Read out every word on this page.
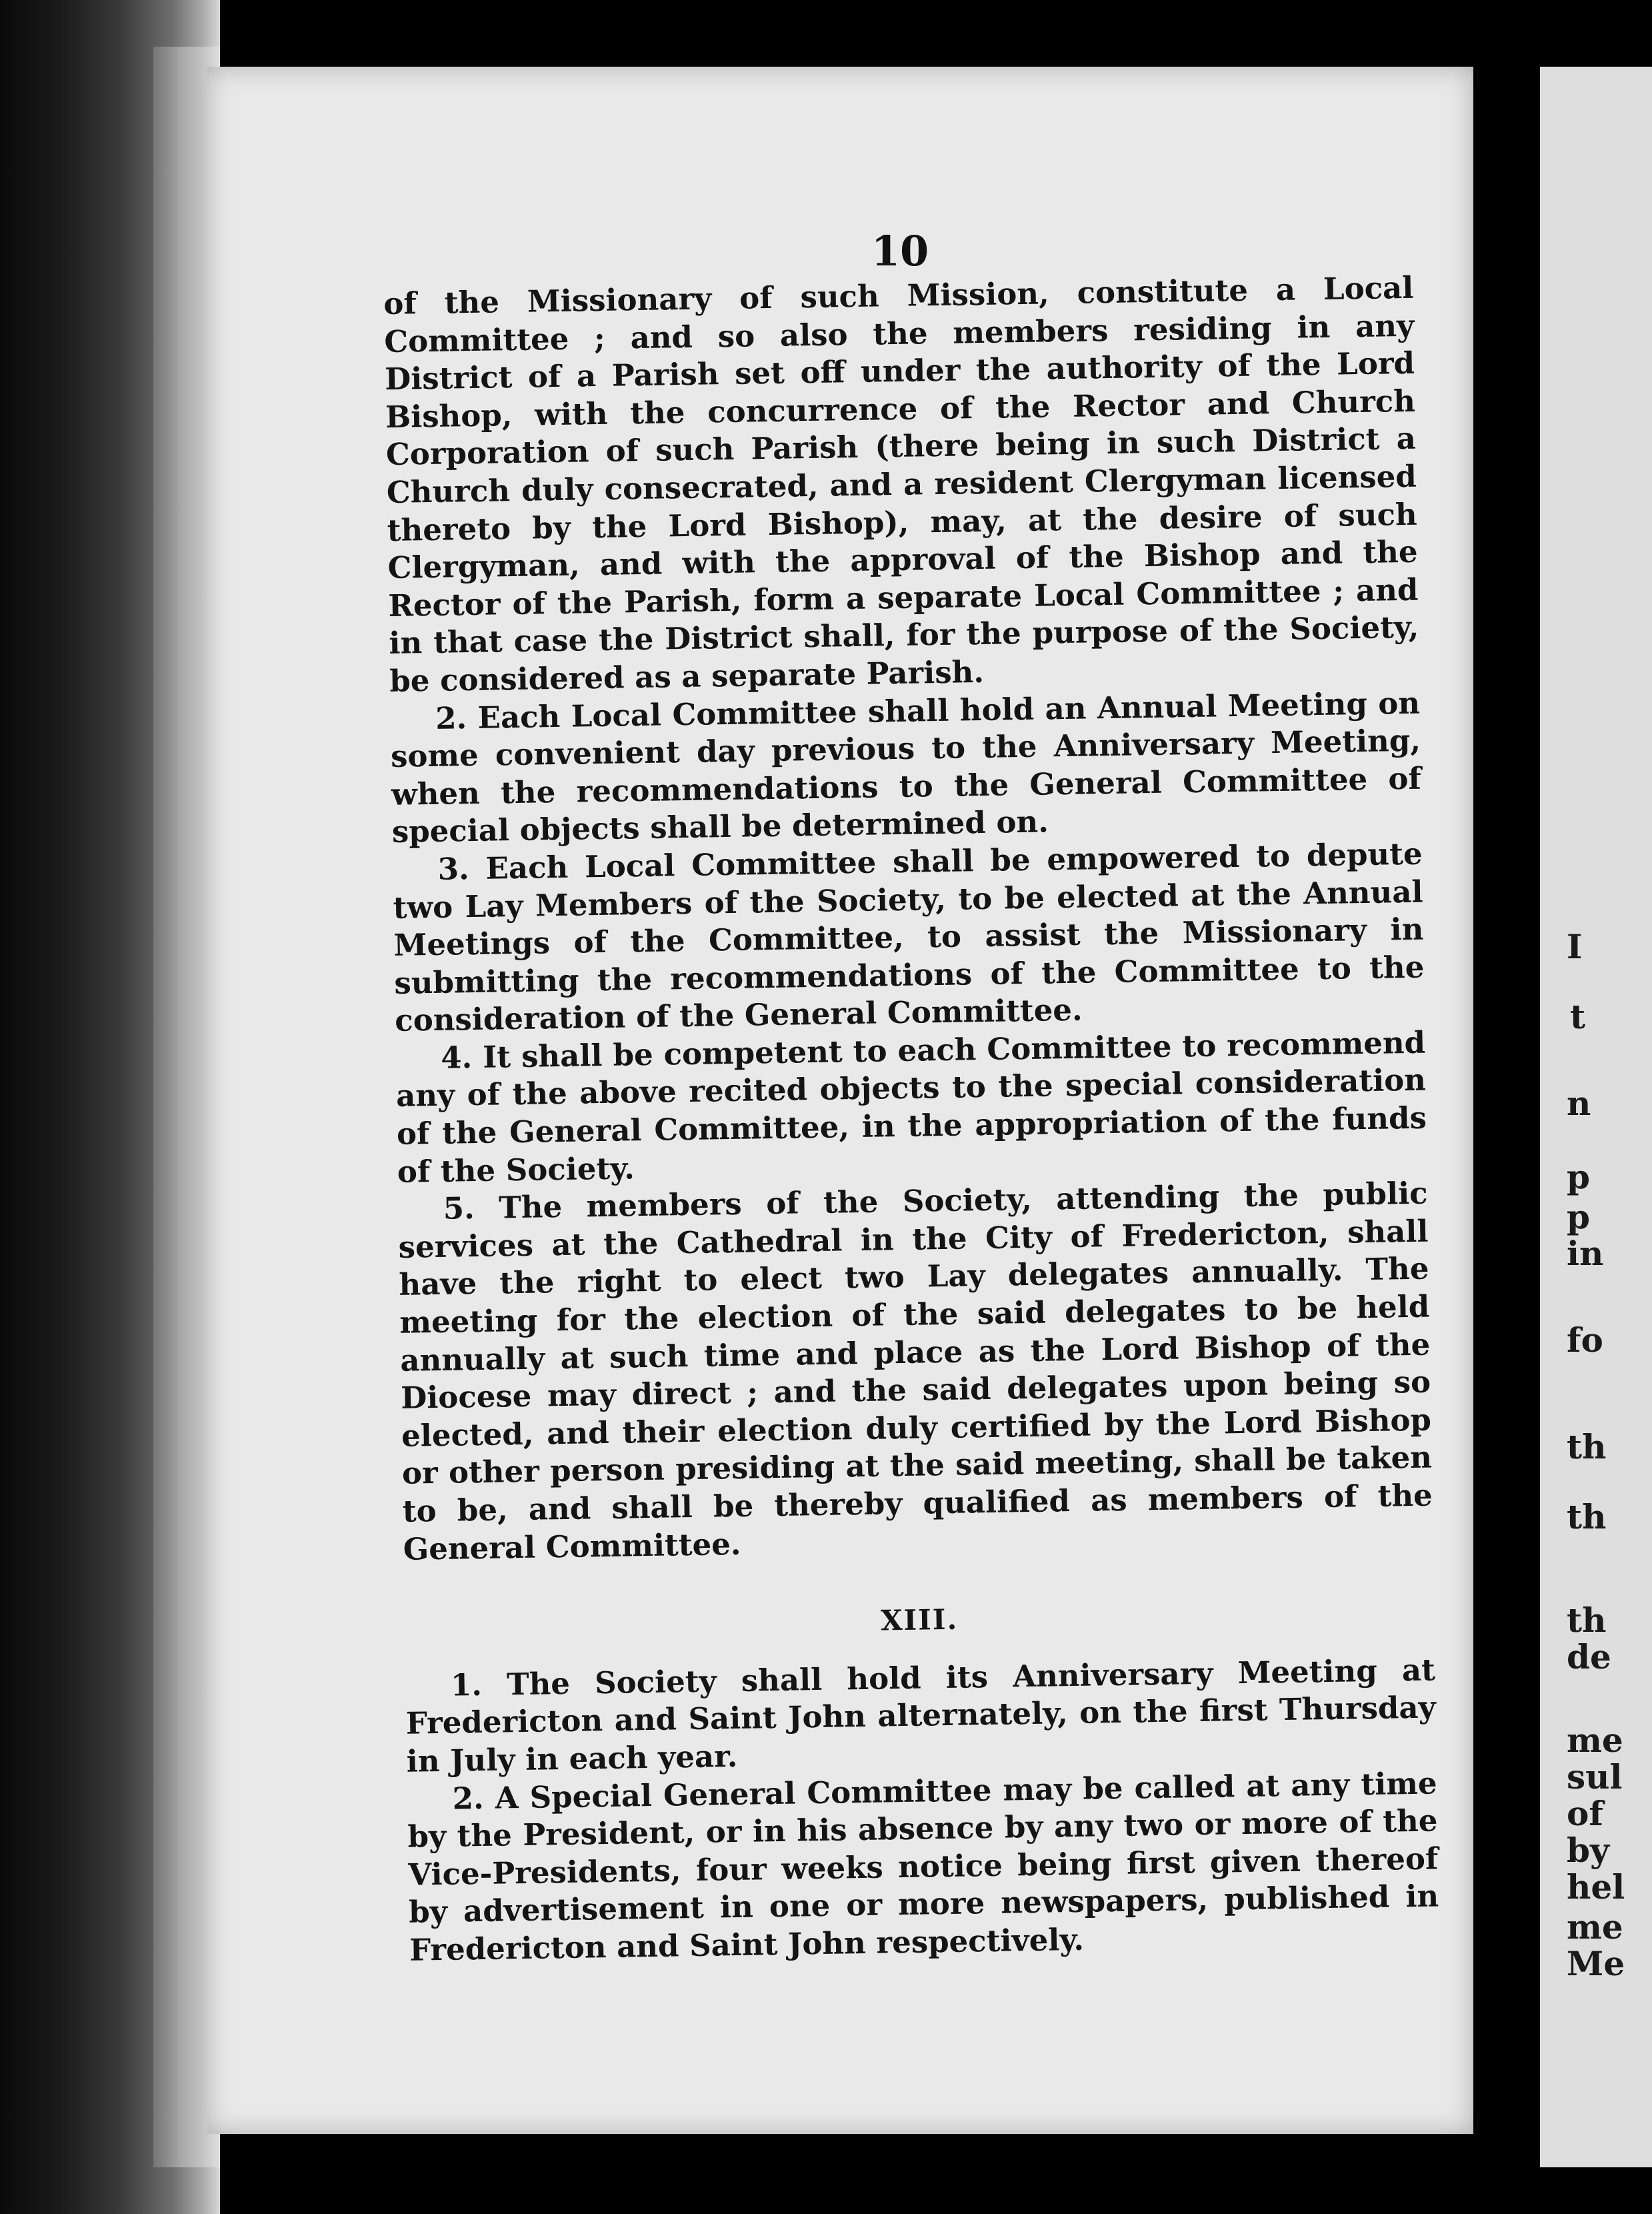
I
t
n
p
p
in
fo
th
th
th
de
me
sul
of
by
hel
me
Me
10

of the Missionary of such Mission, constitute a Local Committee ; and so also the members residing in any District of a Parish set off under the authority of the Lord Bishop, with the concurrence of the Rector and Church Corporation of such Parish (there being in such District a Church duly consecrated, and a resident Clergyman licensed thereto by the Lord Bishop), may, at the desire of such Clergyman, and with the approval of the Bishop and the Rector of the Parish, form a separate Local Committee ; and in that case the District shall, for the purpose of the Society, be considered as a separate Parish.

2. Each Local Committee shall hold an Annual Meeting on some convenient day previous to the Anniversary Meeting, when the recommendations to the General Committee of special objects shall be determined on.

3. Each Local Committee shall be empowered to depute two Lay Members of the Society, to be elected at the Annual Meetings of the Committee, to assist the Missionary in submitting the recommendations of the Committee to the consideration of the General Committee.

4. It shall be competent to each Committee to recommend any of the above recited objects to the special consideration of the General Committee, in the appropriation of the funds of the Society.

5. The members of the Society, attending the public services at the Cathedral in the City of Fredericton, shall have the right to elect two Lay delegates annually. The meeting for the election of the said delegates to be held annually at such time and place as the Lord Bishop of the Diocese may direct ; and the said delegates upon being so elected, and their election duly certified by the Lord Bishop or other person presiding at the said meeting, shall be taken to be, and shall be thereby qualified as members of the General Committee.

XIII.

1. The Society shall hold its Anniversary Meeting at Fredericton and Saint John alternately, on the first Thursday in July in each year.

2. A Special General Committee may be called at any time by the President, or in his absence by any two or more of the Vice-Presidents, four weeks notice being first given thereof by advertisement in one or more newspapers, published in Fredericton and Saint John respectively.
